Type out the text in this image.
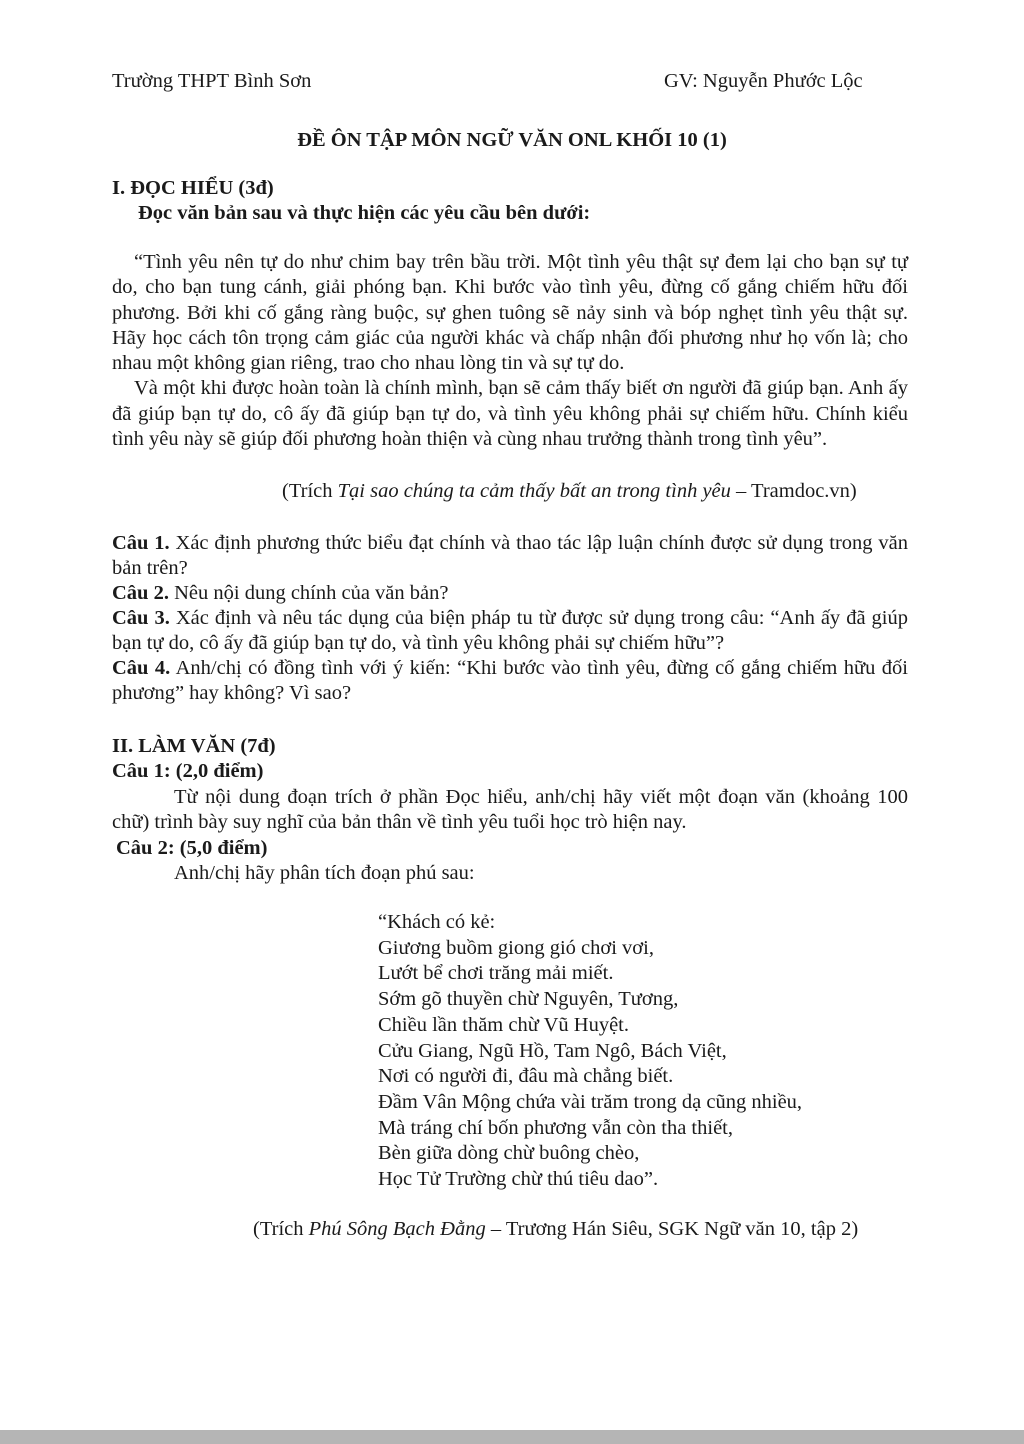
Trường THPT Bình Sơn	GV: Nguyễn Phước Lộc
ĐỀ ÔN TẬP MÔN NGỮ VĂN ONL KHỐI 10 (1)
I. ĐỌC HIỂU (3đ)
Đọc văn bản sau và thực hiện các yêu cầu bên dưới:

“Tình yêu nên tự do như chim bay trên bầu trời. Một tình yêu thật sự đem lại cho bạn sự tự do, cho bạn tung cánh, giải phóng bạn. Khi bước vào tình yêu, đừng cố gắng chiếm hữu đối phương. Bởi khi cố gắng ràng buộc, sự ghen tuông sẽ nảy sinh và bóp nghẹt tình yêu thật sự. Hãy học cách tôn trọng cảm giác của người khác và chấp nhận đối phương như họ vốn là; cho nhau một không gian riêng, trao cho nhau lòng tin và sự tự do.

Và một khi được hoàn toàn là chính mình, bạn sẽ cảm thấy biết ơn người đã giúp bạn. Anh ấy đã giúp bạn tự do, cô ấy đã giúp bạn tự do, và tình yêu không phải sự chiếm hữu. Chính kiểu tình yêu này sẽ giúp đối phương hoàn thiện và cùng nhau trưởng thành trong tình yêu”.

(Trích Tại sao chúng ta cảm thấy bất an trong tình yêu – Tramdoc.vn)

Câu 1. Xác định phương thức biểu đạt chính và thao tác lập luận chính được sử dụng trong văn bản trên?

Câu 2. Nêu nội dung chính của văn bản?

Câu 3. Xác định và nêu tác dụng của biện pháp tu từ được sử dụng trong câu: “Anh ấy đã giúp bạn tự do, cô ấy đã giúp bạn tự do, và tình yêu không phải sự chiếm hữu”?

Câu 4. Anh/chị có đồng tình với ý kiến: “Khi bước vào tình yêu, đừng cố gắng chiếm hữu đối phương” hay không? Vì sao?

II. LÀM VĂN (7đ)
Câu 1: (2,0 điểm)

Từ nội dung đoạn trích ở phần Đọc hiểu, anh/chị hãy viết một đoạn văn (khoảng 100 chữ) trình bày suy nghĩ của bản thân về tình yêu tuổi học trò hiện nay.

Câu 2: (5,0 điểm)
Anh/chị hãy phân tích đoạn phú sau:
“Khách có kẻ:
Giương buồm giong gió chơi vơi,
Lướt bể chơi trăng mải miết.
Sớm gõ thuyền chừ Nguyên, Tương,
Chiều lần thăm chừ Vũ Huyệt.
Cửu Giang, Ngũ Hồ, Tam Ngô, Bách Việt,
Nơi có người đi, đâu mà chẳng biết.
Đầm Vân Mộng chứa vài trăm trong dạ cũng nhiều,
Mà tráng chí bốn phương vẫn còn tha thiết,
Bèn giữa dòng chừ buông chèo,
Học Tử Trường chừ thú tiêu dao”.
(Trích Phú Sông Bạch Đằng – Trương Hán Siêu, SGK Ngữ văn 10, tập 2)
